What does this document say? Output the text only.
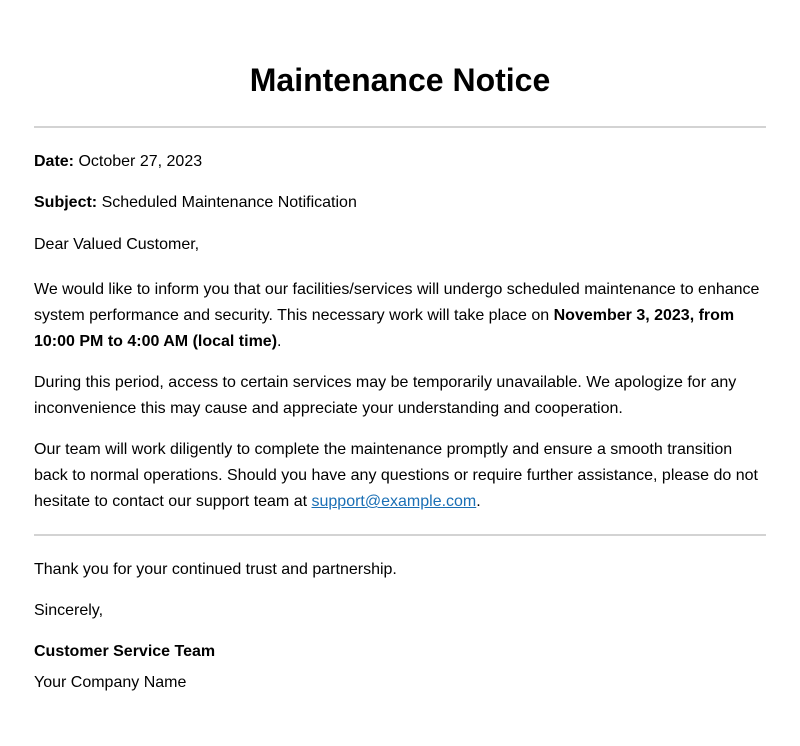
Maintenance Notice

Date: October 27, 2023

Subject: Scheduled Maintenance Notification

Dear Valued Customer,

We would like to inform you that our facilities/services will undergo scheduled maintenance to enhance system performance and security. This necessary work will take place on November 3, 2023, from 10:00 PM to 4:00 AM (local time).

During this period, access to certain services may be temporarily unavailable. We apologize for any inconvenience this may cause and appreciate your understanding and cooperation.

Our team will work diligently to complete the maintenance promptly and ensure a smooth transition back to normal operations. Should you have any questions or require further assistance, please do not hesitate to contact our support team at support@example.com.

Thank you for your continued trust and partnership.

Sincerely,

Customer Service Team

Your Company Name
